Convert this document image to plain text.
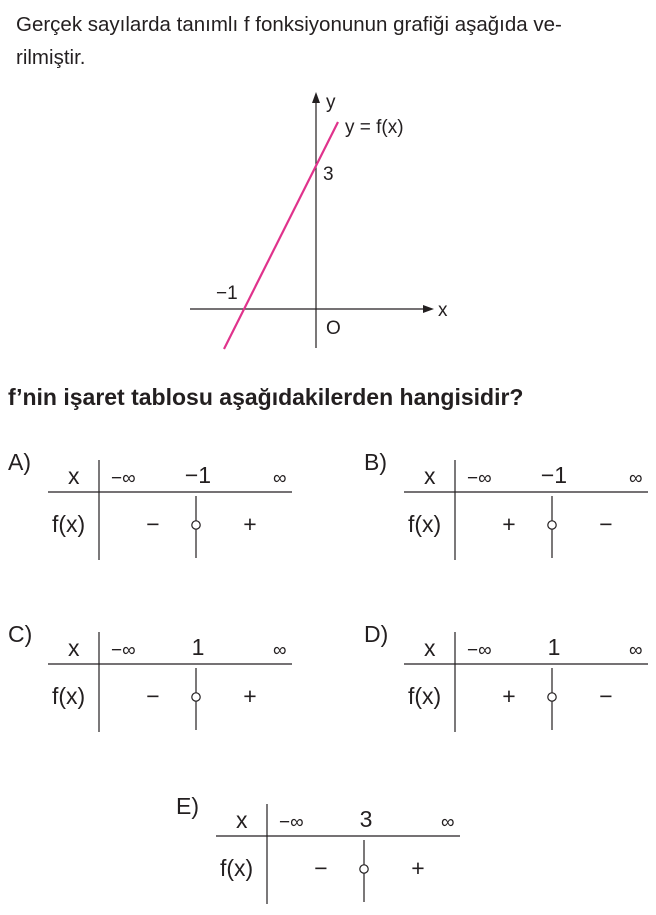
Gerçek sayılarda tanımlı f fonksiyonunun grafiği aşağıda ve-
rilmiştir.
y
x
y = f(x)
3
−1
O
f’nin işaret tablosu aşağıdakilerden hangisidir?
A)
x −∞ −1	∞
f(x)	−	+
B)
x −∞ −1	∞
f(x)	+	−
C)
x −∞ 1	∞
f(x)	−	+
D)
x −∞ 1	∞
f(x)	+	−
E)
x −∞ 3	∞
f(x)	−	+
